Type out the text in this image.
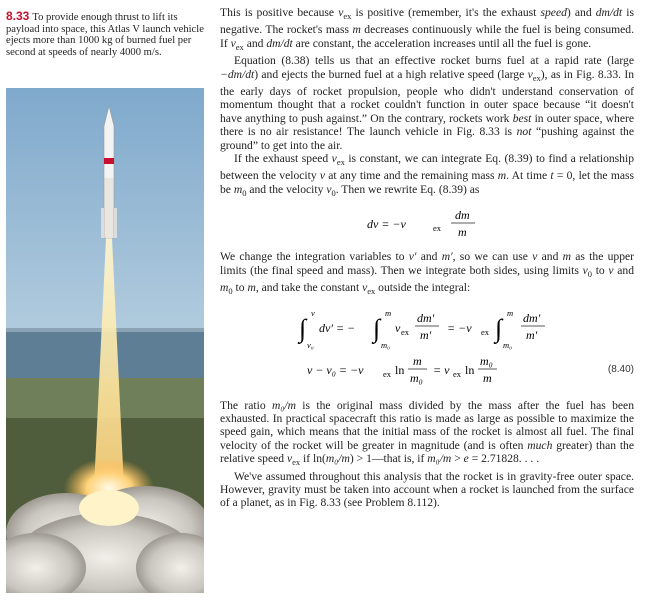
8.33 To provide enough thrust to lift its payload into space, this Atlas V launch vehicle ejects more than 1000 kg of burned fuel per second at speeds of nearly 4000 m/s.

This is positive because $v_{ex}$ is positive (remember, it's the exhaust speed) and dm/dt is negative. The rocket's mass m decreases continuously while the fuel is being consumed. If $v_{ex}$ and dm/dt are constant, the acceleration increases until all the fuel is gone.

Equation (8.38) tells us that an effective rocket burns fuel at a rapid rate (large −dm/dt) and ejects the burned fuel at a high relative speed (large $v_{ex}$), as in Fig. 8.33. In the early days of rocket propulsion, people who didn't understand conservation of momentum thought that a rocket couldn't function in outer space because “it doesn't have anything to push against.” On the contrary, rockets work best in outer space, where there is no air resistance! The launch vehicle in Fig. 8.33 is not “pushing against the ground” to get into the air.

If the exhaust speed $v_{ex}$ is constant, we can integrate Eq. (8.39) to find a relationship between the velocity v at any time and the remaining mass m. At time t = 0, let the mass be $m_0$ and the velocity $v_0$. Then we rewrite Eq. (8.39) as

dv = −v	ex
dm
m

We change the integration variables to v′ and m′, so we can use v and m as the upper limits (the final speed and mass). Then we integrate both sides, using limits $v_0$ to v and $m_0$ to m, and take the constant $v_{ex}$ outside the integral:

∫
v
v₀
dv′ = − ∫
m
m₀
v ex
dm′
m′ = −v ex ∫
m
m₀
dm′
m′
v − v₀ = −v ex ln
m
m₀
= v ex ln
m₀
m
(8.40)

The ratio m₀/m is the original mass divided by the mass after the fuel has been exhausted. In practical spacecraft this ratio is made as large as possible to maximize the speed gain, which means that the initial mass of the rocket is almost all fuel. The final velocity of the rocket will be greater in magnitude (and is often much greater) than the relative speed $v_{ex}$ if ln(m₀/m) > 1—that is, if m₀/m > e = 2.71828. . . .

We've assumed throughout this analysis that the rocket is in gravity-free outer space. However, gravity must be taken into account when a rocket is launched from the surface of a planet, as in Fig. 8.33 (see Problem 8.112).
